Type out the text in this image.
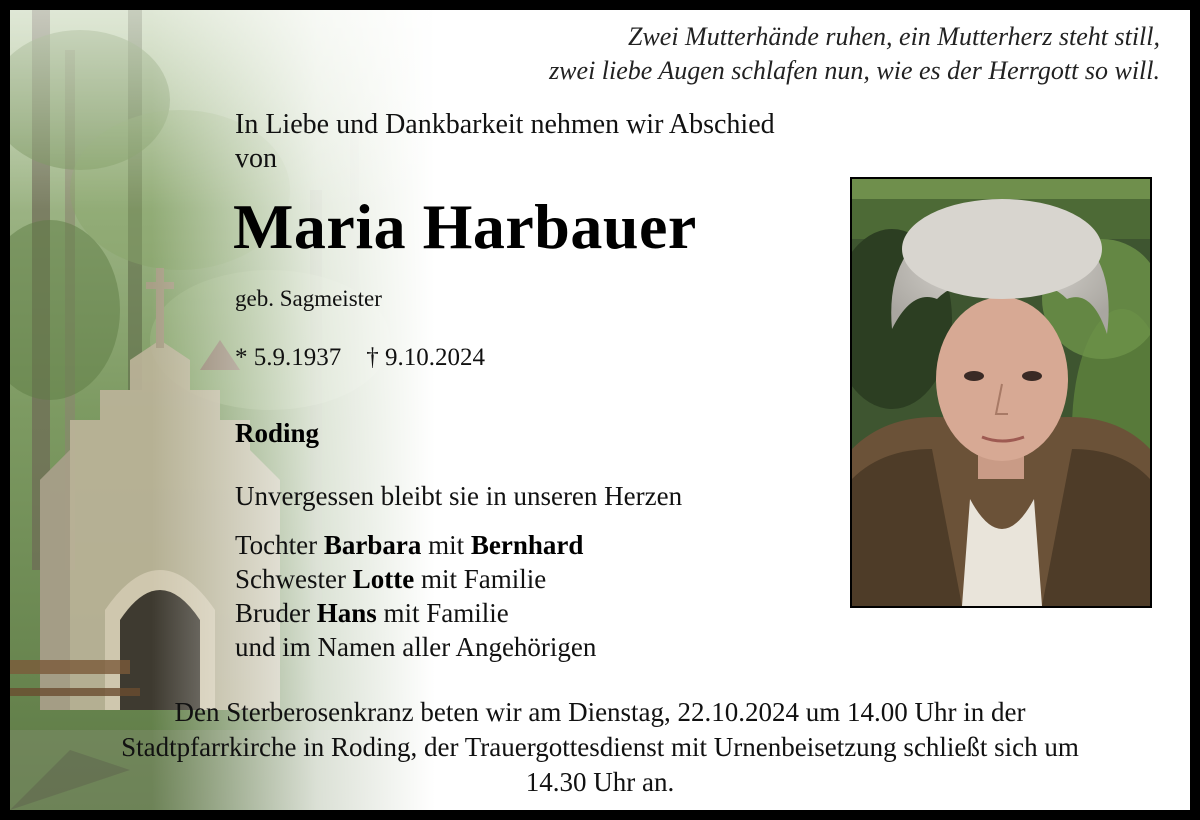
Zwei Mutterhände ruhen, ein Mutterherz steht still,
zwei liebe Augen schlafen nun, wie es der Herrgott so will.
In Liebe und Dankbarkeit nehmen wir Abschied
von
Maria Harbauer
geb. Sagmeister
* 5.9.1937 † 9.10.2024
Roding
Unvergessen bleibt sie in unseren Herzen
Tochter Barbara mit Bernhard
Schwester Lotte mit Familie
Bruder Hans mit Familie
und im Namen aller Angehörigen
Den Sterberosenkranz beten wir am Dienstag, 22.10.2024 um 14.00 Uhr in der
Stadtpfarrkirche in Roding, der Trauergottesdienst mit Urnenbeisetzung schließt sich um
14.30 Uhr an.
